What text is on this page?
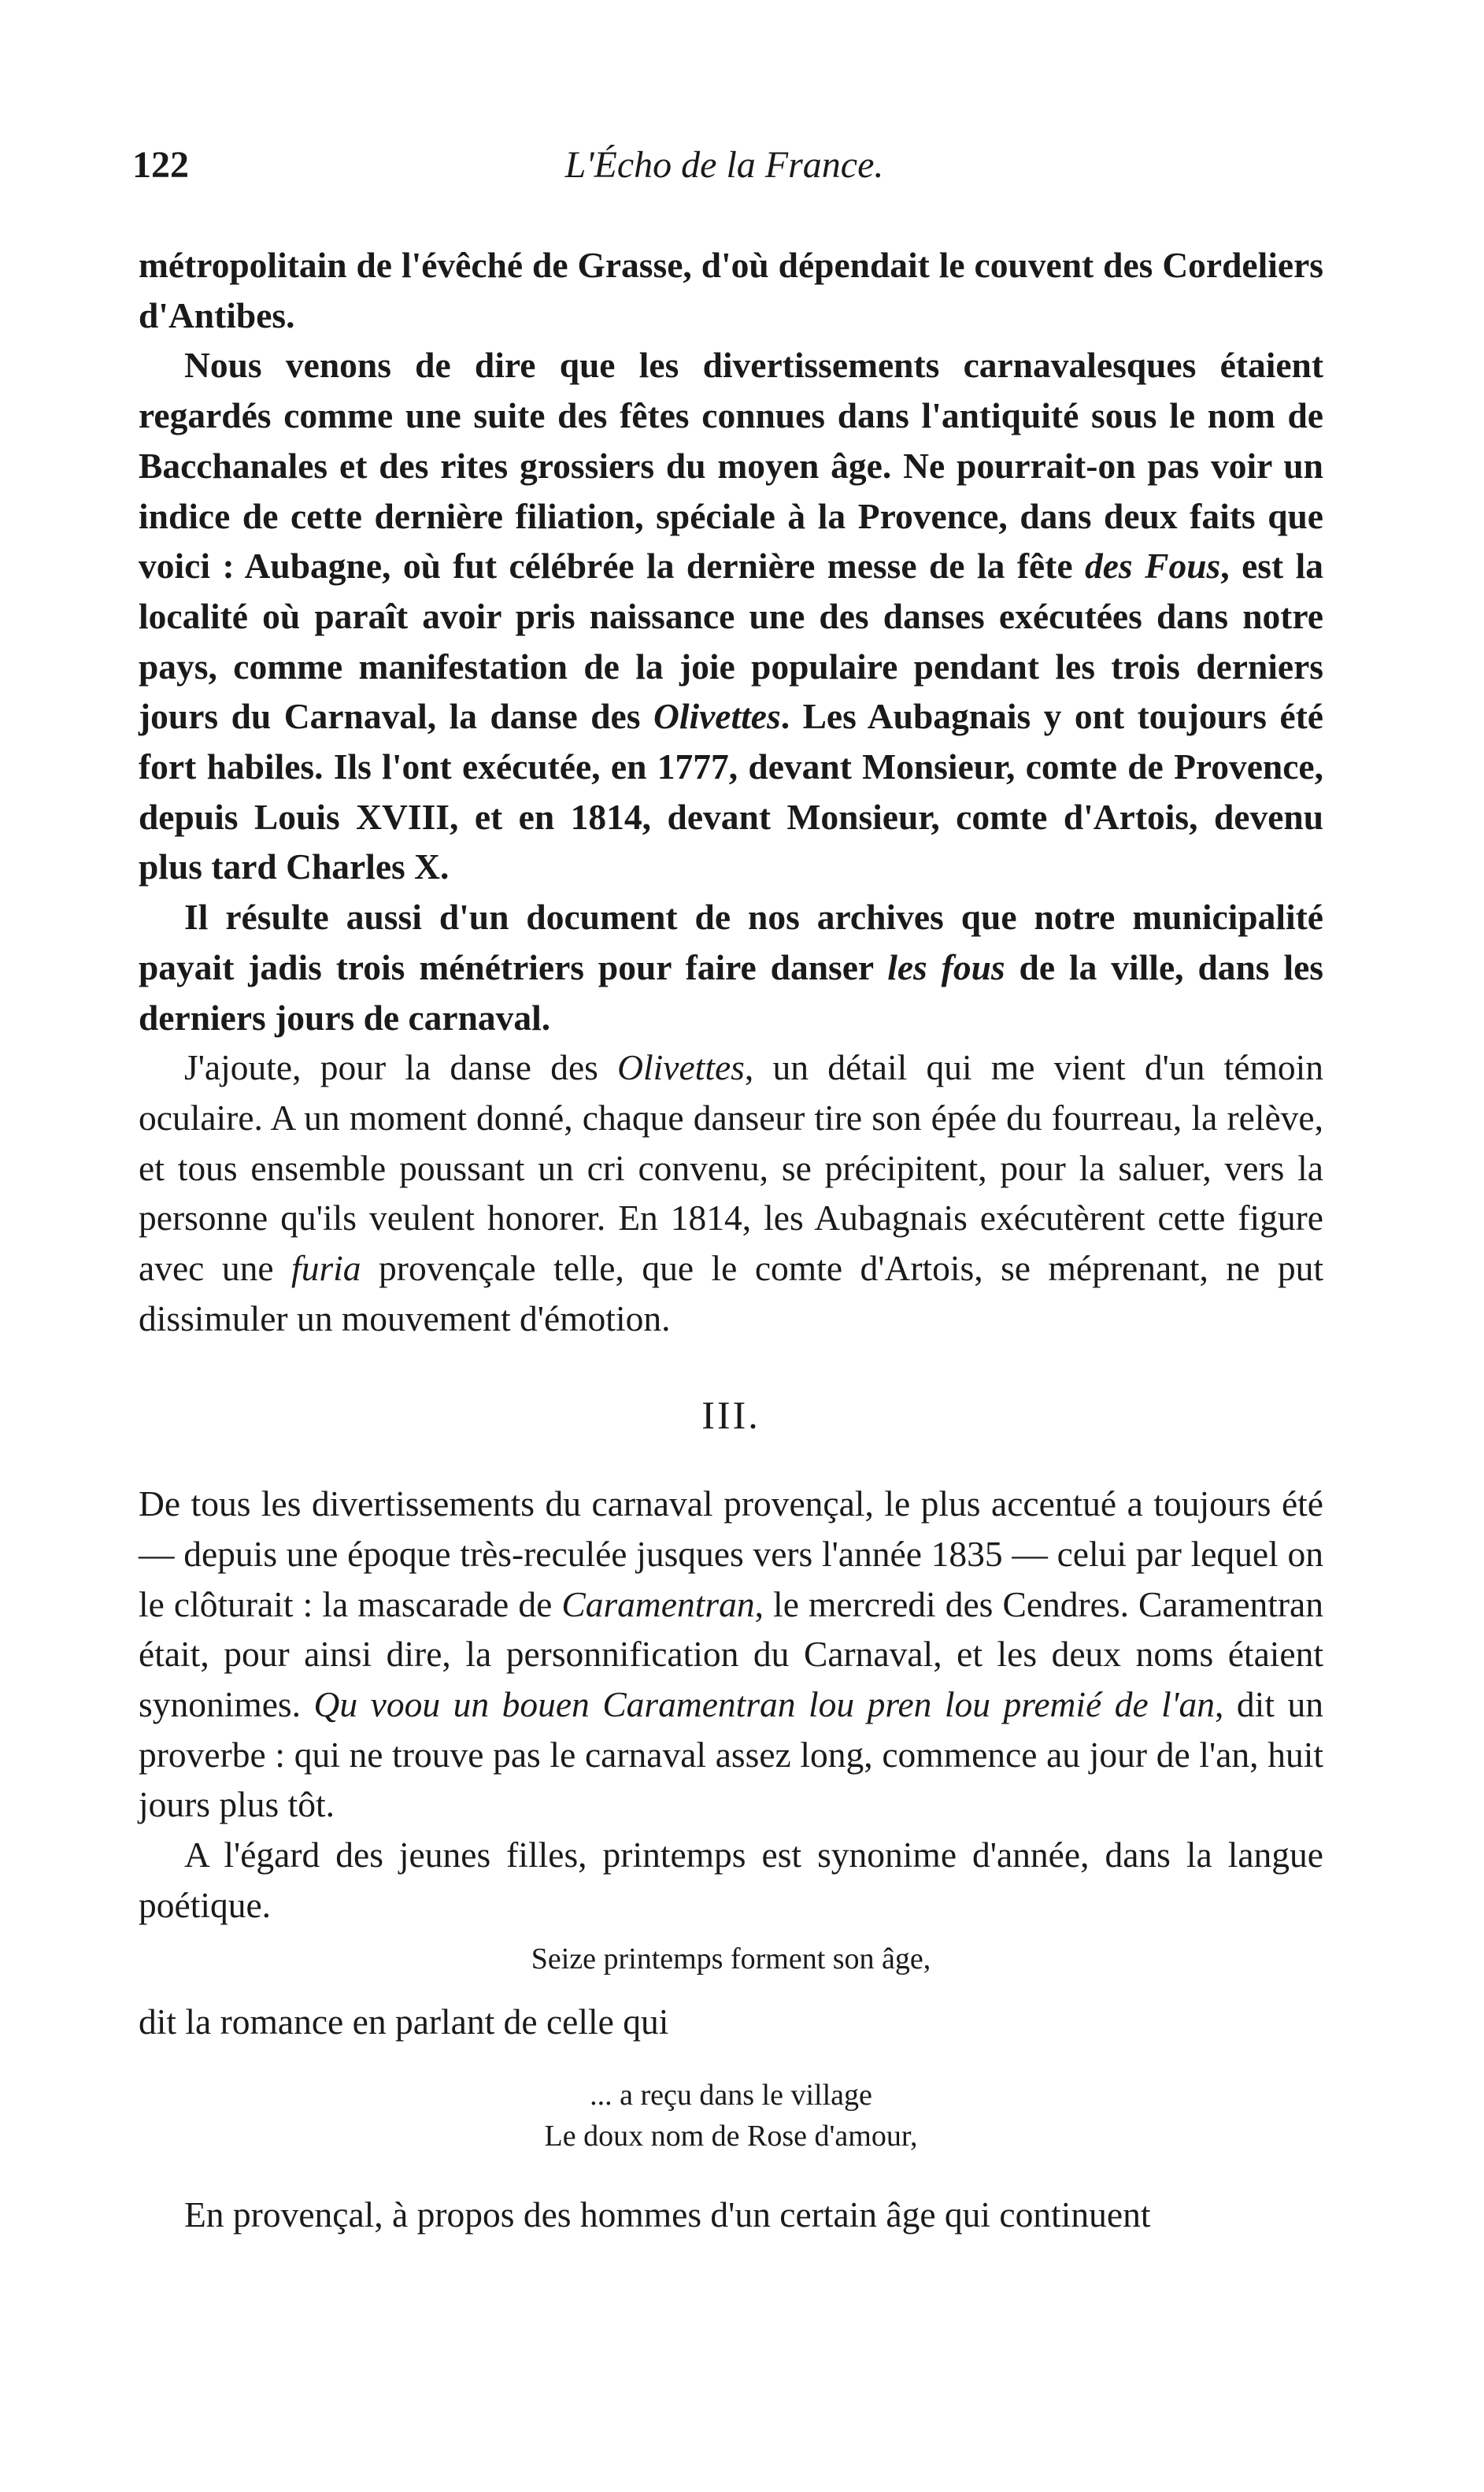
122	L'Écho de la France.

métropolitain de l'évêché de Grasse, d'où dépendait le couvent des Cordeliers d'Antibes.

Nous venons de dire que les divertissements carnavalesques étaient regardés comme une suite des fêtes connues dans l'antiquité sous le nom de Bacchanales et des rites grossiers du moyen âge. Ne pourrait-on pas voir un indice de cette dernière filiation, spéciale à la Provence, dans deux faits que voici : Aubagne, où fut célébrée la dernière messe de la fête des Fous, est la localité où paraît avoir pris naissance une des danses exécutées dans notre pays, comme manifestation de la joie populaire pendant les trois derniers jours du Carnaval, la danse des Olivettes. Les Aubagnais y ont toujours été fort habiles. Ils l'ont exécutée, en 1777, devant Monsieur, comte de Provence, depuis Louis XVIII, et en 1814, devant Monsieur, comte d'Artois, devenu plus tard Charles X.

Il résulte aussi d'un document de nos archives que notre municipalité payait jadis trois ménétriers pour faire danser les fous de la ville, dans les derniers jours de carnaval.

J'ajoute, pour la danse des Olivettes, un détail qui me vient d'un témoin oculaire. A un moment donné, chaque danseur tire son épée du fourreau, la relève, et tous ensemble poussant un cri convenu, se précipitent, pour la saluer, vers la personne qu'ils veulent honorer. En 1814, les Aubagnais exécutèrent cette figure avec une furia provençale telle, que le comte d'Artois, se méprenant, ne put dissimuler un mouvement d'émotion.

III.

De tous les divertissements du carnaval provençal, le plus accentué a toujours été — depuis une époque très-reculée jusques vers l'année 1835 — celui par lequel on le clôturait : la mascarade de Caramentran, le mercredi des Cendres. Caramentran était, pour ainsi dire, la personnification du Carnaval, et les deux noms étaient synonimes. Qu voou un bouen Caramentran lou pren lou premié de l'an, dit un proverbe : qui ne trouve pas le carnaval assez long, commence au jour de l'an, huit jours plus tôt.

A l'égard des jeunes filles, printemps est synonime d'année, dans la langue poétique.

Seize printemps forment son âge,

dit la romance en parlant de celle qui

... a reçu dans le village
Le doux nom de Rose d'amour,

En provençal, à propos des hommes d'un certain âge qui continuent
